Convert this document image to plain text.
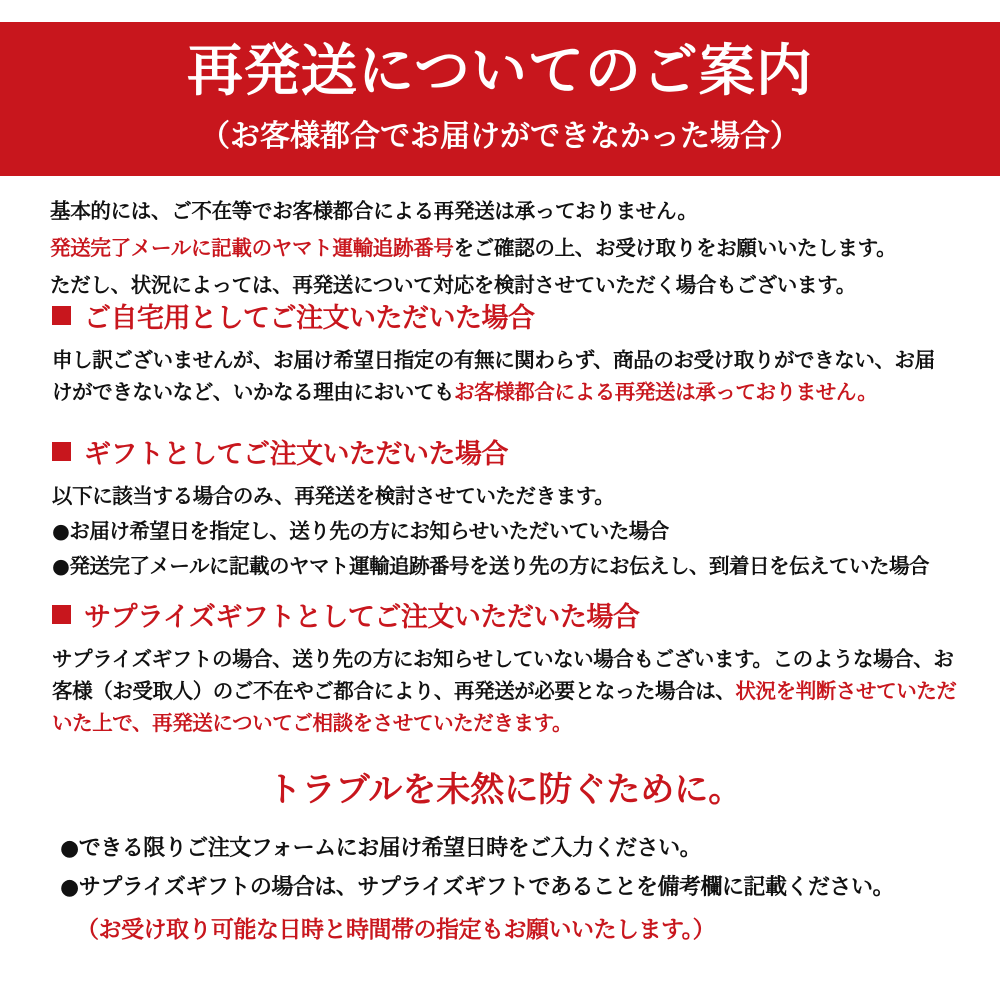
再発送についてのご案内
（お客様都合でお届けができなかった場合）

基本的には、ご不在等でお客様都合による再発送は承っておりません。

発送完了メールに記載のヤマト運輸追跡番号をご確認の上、お受け取りをお願いいたします。

ただし、状況によっては、再発送について対応を検討させていただく場合もございます。

ご自宅用としてご注文いただいた場合
申し訳ございませんが、お届け希望日指定の有無に関わらず、商品のお受け取りができない、お届けができないなど、いかなる理由においてもお客様都合による再発送は承っておりません。
ギフトとしてご注文いただいた場合

以下に該当する場合のみ、再発送を検討させていただきます。

●お届け希望日を指定し、送り先の方にお知らせいただいていた場合

●発送完了メールに記載のヤマト運輸追跡番号を送り先の方にお伝えし、到着日を伝えていた場合

サプライズギフトとしてご注文いただいた場合
サプライズギフトの場合、送り先の方にお知らせしていない場合もございます。このような場合、お客様（お受取人）のご不在やご都合により、再発送が必要となった場合は、状況を判断させていただいた上で、再発送についてご相談をさせていただきます。
トラブルを未然に防ぐために。

●できる限りご注文フォームにお届け希望日時をご入力ください。

●サプライズギフトの場合は、サプライズギフトであることを備考欄に記載ください。

（お受け取り可能な日時と時間帯の指定もお願いいたします。）
